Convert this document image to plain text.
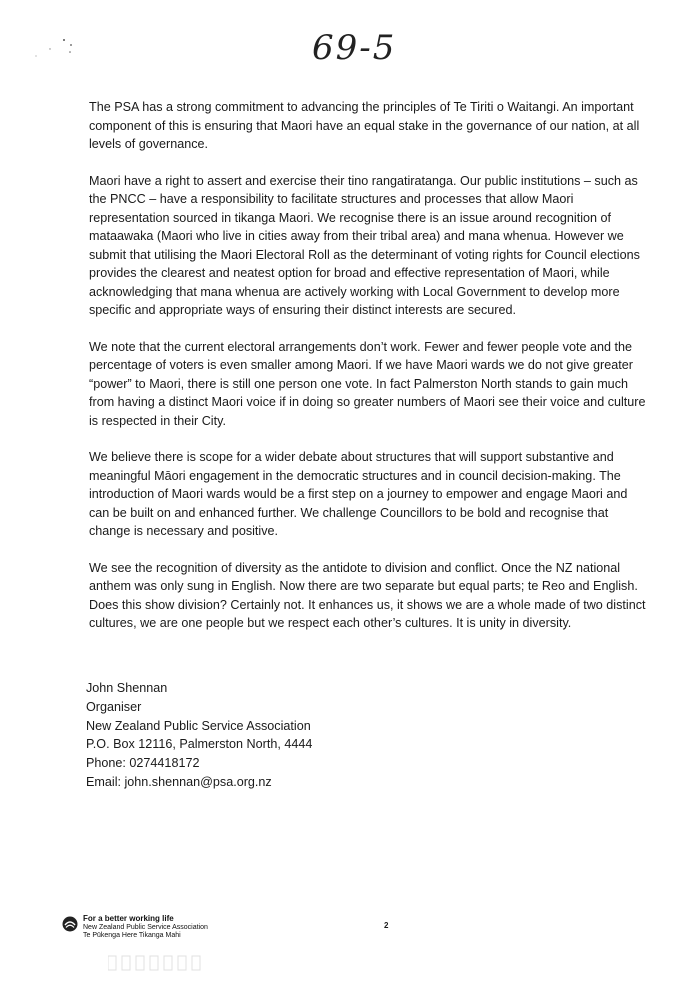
69-5

The PSA has a strong commitment to advancing the principles of Te Tiriti o Waitangi. An important component of this is ensuring that Maori have an equal stake in the governance of our nation, at all levels of governance.

Maori have a right to assert and exercise their tino rangatiratanga. Our public institutions – such as the PNCC – have a responsibility to facilitate structures and processes that allow Maori representation sourced in tikanga Maori. We recognise there is an issue around recognition of mataawaka (Maori who live in cities away from their tribal area) and mana whenua. However we submit that utilising the Maori Electoral Roll as the determinant of voting rights for Council elections provides the clearest and neatest option for broad and effective representation of Maori, while acknowledging that mana whenua are actively working with Local Government to develop more specific and appropriate ways of ensuring their distinct interests are secured.

We note that the current electoral arrangements don’t work. Fewer and fewer people vote and the percentage of voters is even smaller among Maori. If we have Maori wards we do not give greater “power” to Maori, there is still one person one vote. In fact Palmerston North stands to gain much from having a distinct Maori voice if in doing so greater numbers of Maori see their voice and culture is respected in their City.

We believe there is scope for a wider debate about structures that will support substantive and meaningful Māori engagement in the democratic structures and in council decision-making. The introduction of Maori wards would be a first step on a journey to empower and engage Maori and can be built on and enhanced further. We challenge Councillors to be bold and recognise that change is necessary and positive.

We see the recognition of diversity as the antidote to division and conflict. Once the NZ national anthem was only sung in English. Now there are two separate but equal parts; te Reo and English. Does this show division? Certainly not. It enhances us, it shows we are a whole made of two distinct cultures, we are one people but we respect each other’s cultures. It is unity in diversity.

John Shennan
Organiser
New Zealand Public Service Association
P.O. Box 12116, Palmerston North, 4444
Phone: 0274418172
Email: john.shennan@psa.org.nz
For a better working life
New Zealand Public Service Association
Te Pūkenga Here Tikanga Mahi
2
